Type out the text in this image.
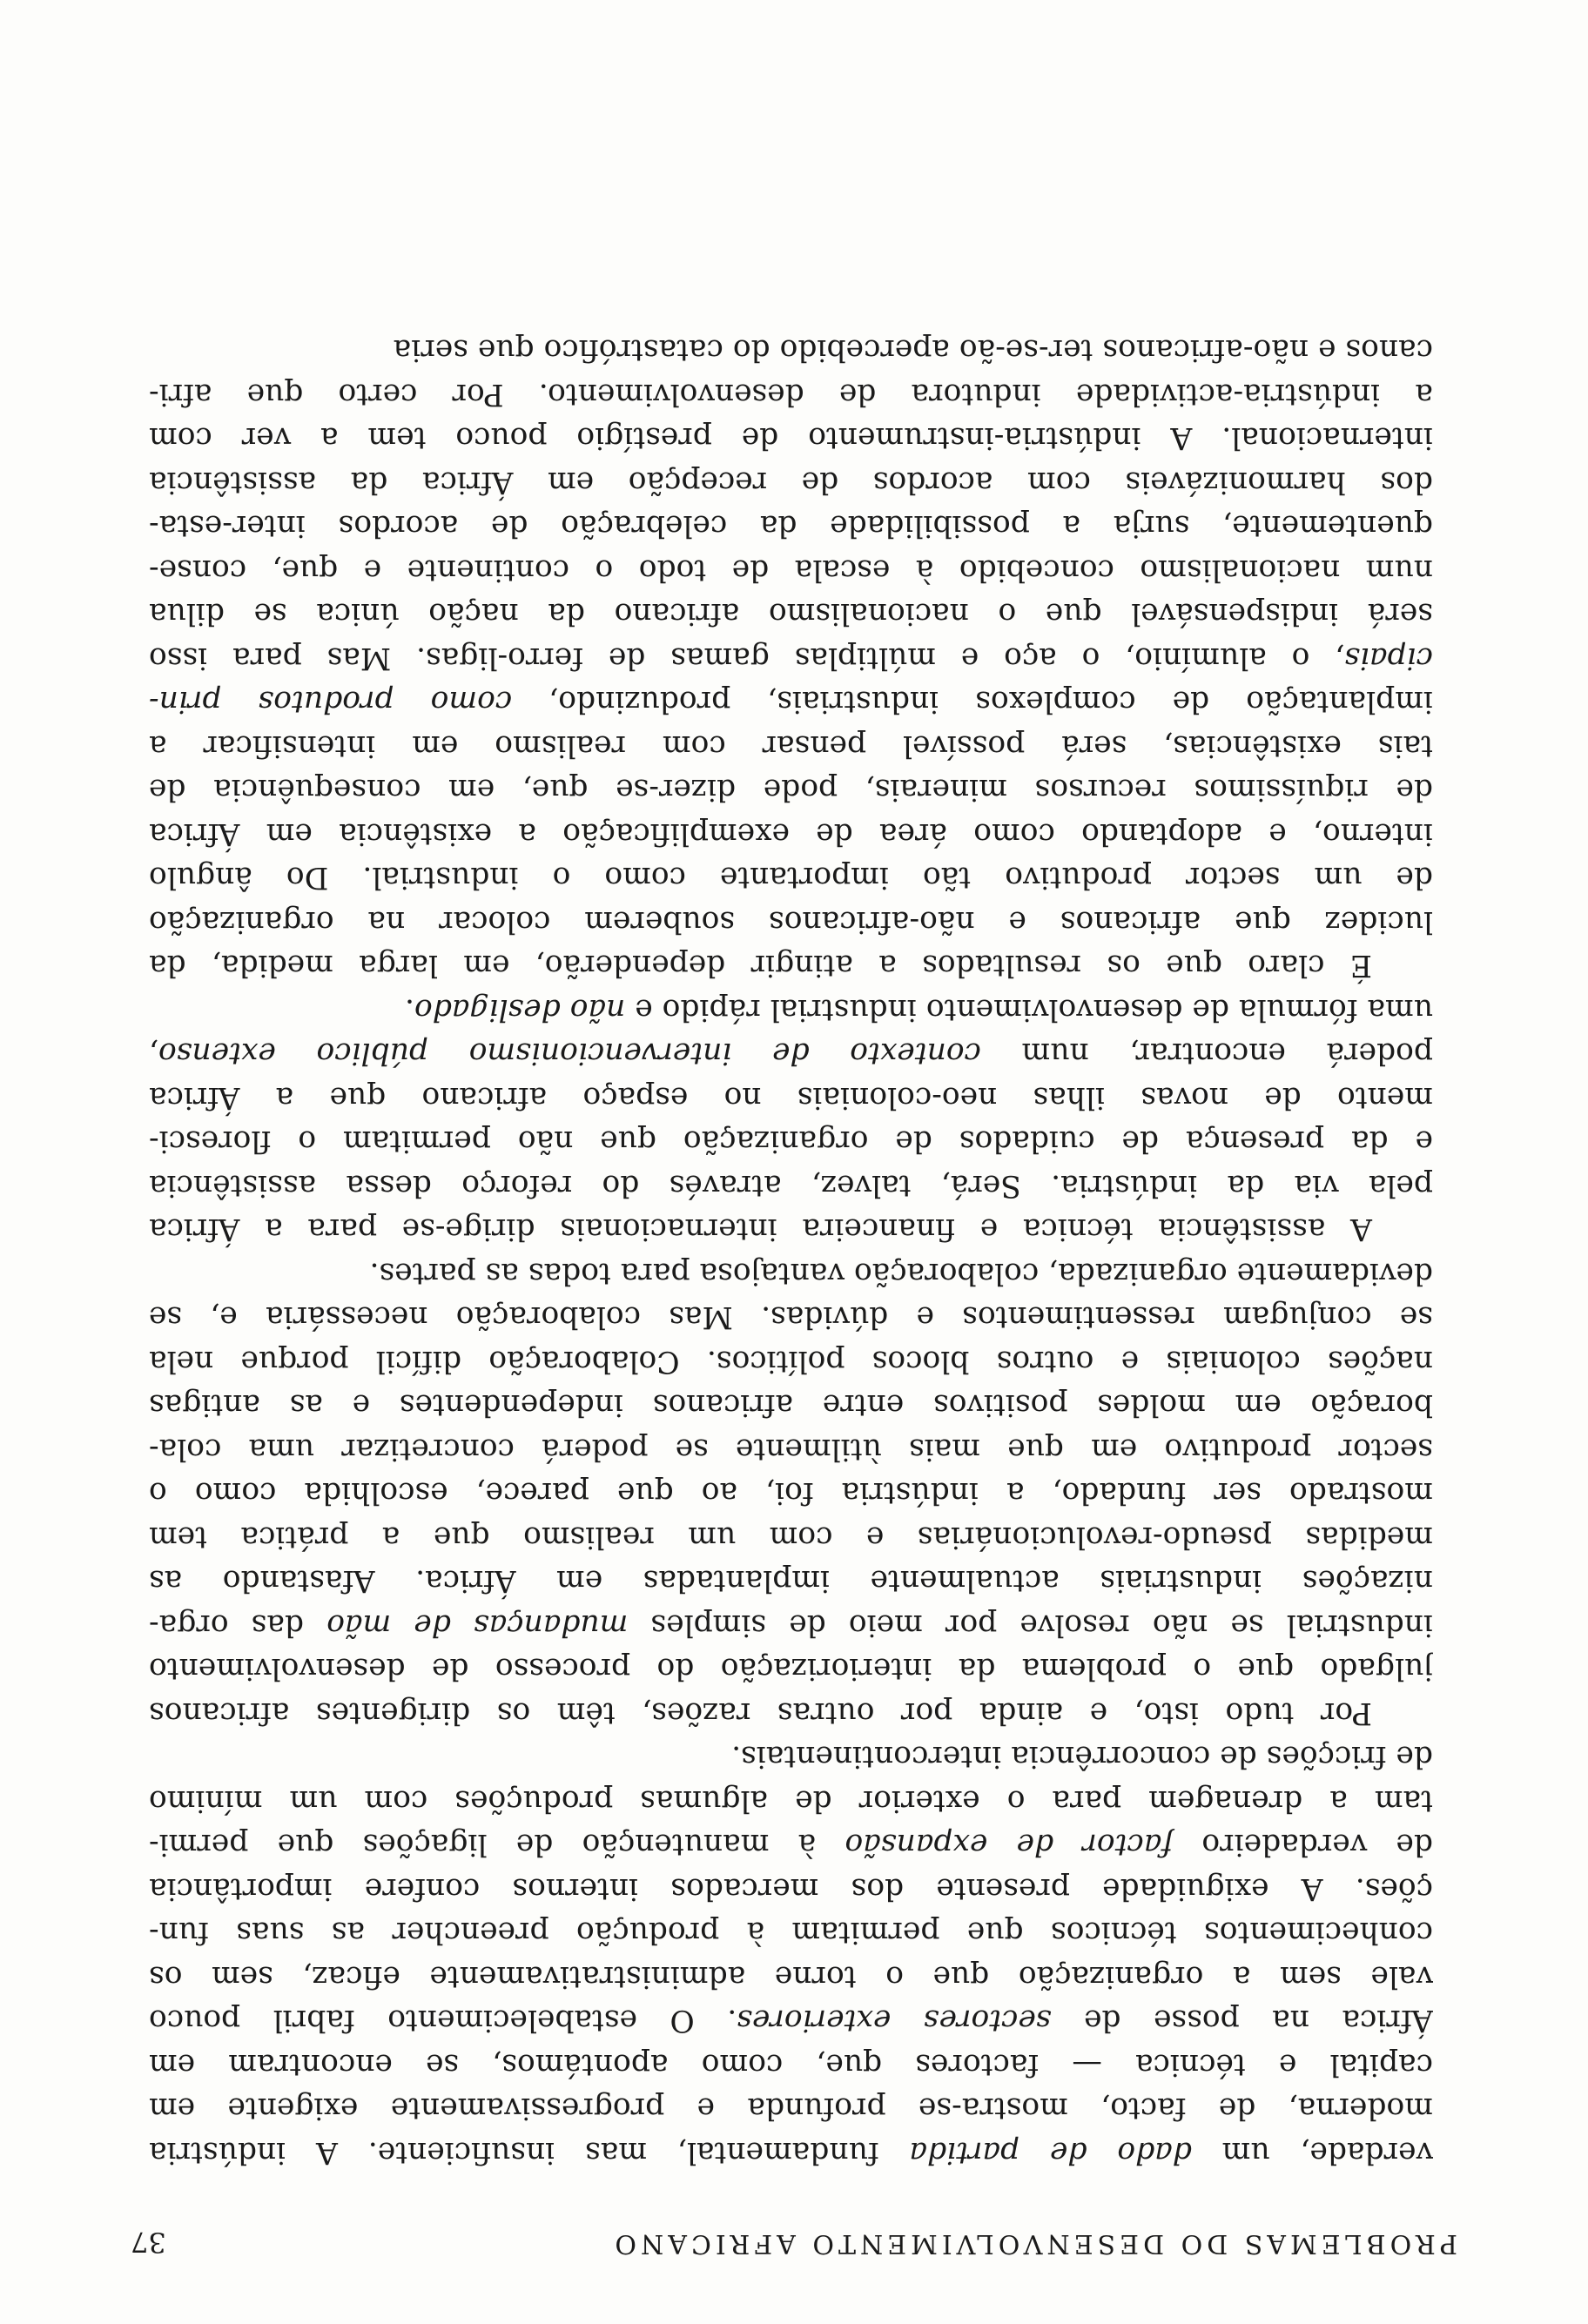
PROBLEMAS DO DESENVOLVIMENTO AFRICANO
37
verdade, um dado de partida fundamental, mas insuficiente. A indústria
moderna, de facto, mostra-se profunda e progressivamente exigente em
capital e técnica — factores que, como apontámos, se encontram em
África na posse de sectores exteriores. O estabelecimento fabril pouco
vale sem a organização que o torne administrativamente eficaz, sem os
conhecimentos técnicos que permitam à produção preencher as suas fun-
ções. A exiguidade presente dos mercados internos confere importância
de verdadeiro factor de expansão à manutenção de ligações que permi-
tam a drenagem para o exterior de algumas produções com um mínimo
de fricções de concorrência intercontinentais.
Por tudo isto, e ainda por outras razões, têm os dirigentes africanos
julgado que o problema da interiorização do processo de desenvolvimento
industrial se não resolve por meio de simples mudanças de mão das orga-
nizações industriais actualmente implantadas em África. Afastando as
medidas pseudo-revolucionárias e com um realismo que a prática tem
mostrado ser fundado, a indústria foi, ao que parece, escolhida como o
sector produtivo em que mais ùtilmente se poderá concretizar uma cola-
boração em moldes positivos entre africanos independentes e as antigas
nações coloniais e outros blocos políticos. Colaboração difícil porque nela
se conjugam ressentimentos e dúvidas. Mas colaboração necessária e, se
devidamente organizada, colaboração vantajosa para todas as partes.
A assistência técnica e financeira internacionais dirige-se para a África
pela via da indústria. Será, talvez, através do reforço dessa assistência
e da presença de cuidados de organização que não permitam o floresci-
mento de novas ilhas neo-coloniais no espaço africano que a África
poderá encontrar, num contexto de intervencionismo público extenso,
uma fórmula de desenvolvimento industrial rápido e não desligado.
É claro que os resultados a atingir dependerão, em larga medida, da
lucidez que africanos e não-africanos souberem colocar na organização
de um sector produtivo tão importante como o industrial. Do ângulo
interno, e adoptando como área de exemplificação a existência em África
de riquíssimos recursos minerais, pode dizer-se que, em consequência de
tais existências, será possível pensar com realismo em intensificar a
implantação de complexos industriais, produzindo, como produtos prin-
cipais, o alumínio, o aço e múltiplas gamas de ferro-ligas. Mas para isso
será indispensável que o nacionalismo africano da nação única se dilua
num nacionalismo concebido à escala de todo o continente e que, conse-
quentemente, surja a possibilidade da celebração de acordos inter-esta-
dos harmonizáveis com acordos de recepção em África da assistência
internacional. A indústria-instrumento de prestígio pouco tem a ver com
a indústria-actividade indutora de desenvolvimento. Por certo que afri-
canos e não-africanos ter-se-ão apercebido do catastrófico que seria
